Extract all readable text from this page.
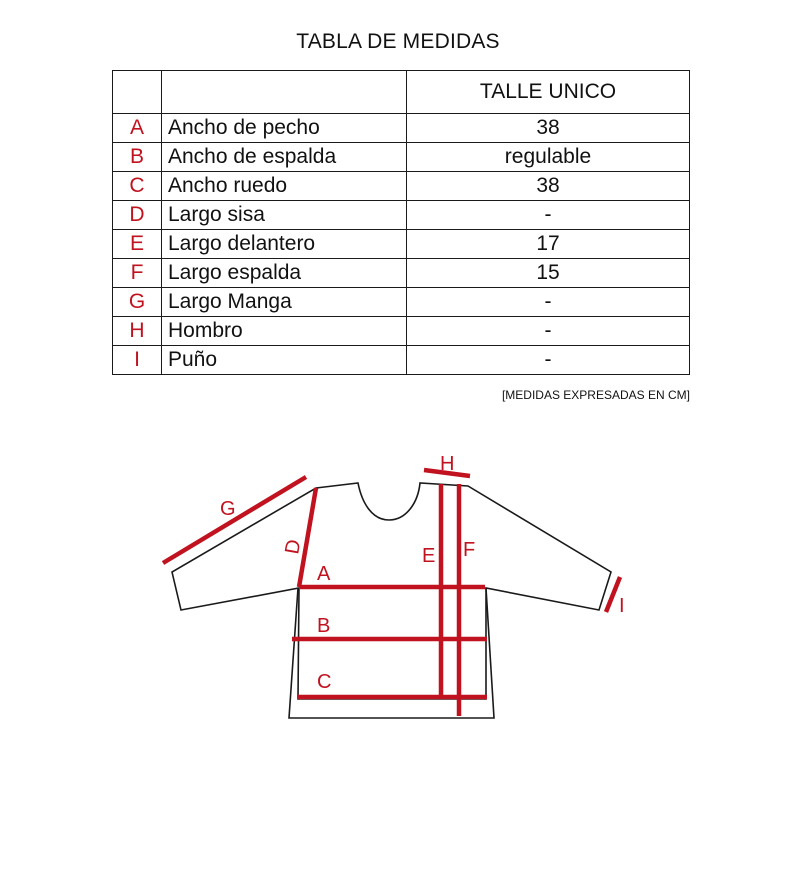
TABLA DE MEDIDAS
		TALLE UNICO
A	Ancho de pecho	38
B	Ancho de espalda	regulable
C	Ancho ruedo	38
D	Largo sisa	-
E	Largo delantero	17
F	Largo espalda	15
G	Largo Manga	-
H	Hombro	-
I	Puño	-
[MEDIDAS EXPRESADAS EN CM]
G
D
H
I
A
B
C
E F
